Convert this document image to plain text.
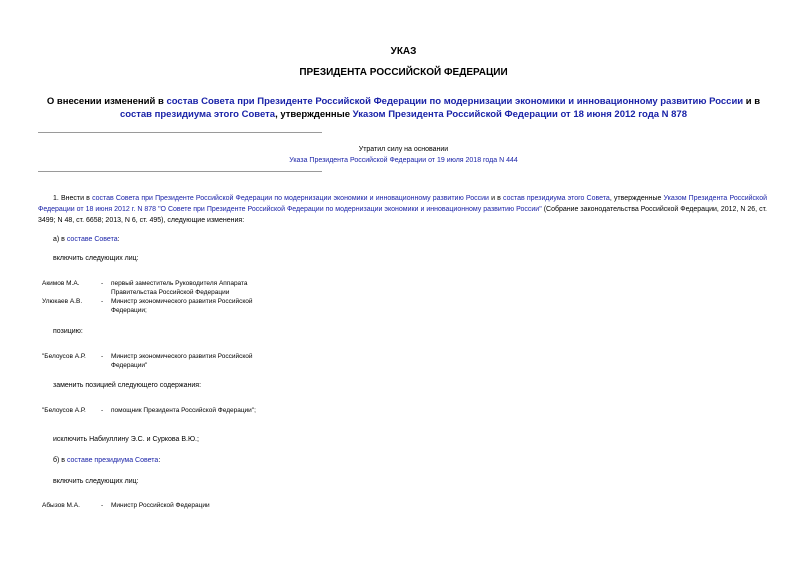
УКАЗ
ПРЕЗИДЕНТА РОССИЙСКОЙ ФЕДЕРАЦИИ
О внесении изменений в состав Совета при Президенте Российской Федерации по модернизации экономики и инновационному развитию России и в состав президиума этого Совета, утвержденные Указом Президента Российской Федерации от 18 июня 2012 года N 878
Утратил силу на основании
Указа Президента Российской Федерации от 19 июля 2018 года N 444
1. Внести в состав Совета при Президенте Российской Федерации по модернизации экономики и инновационному развитию России и в состав президиума этого Совета, утвержденные Указом Президента Российской Федерации от 18 июня 2012 г. N 878 "О Совете при Президенте Российской Федерации по модернизации экономики и инновационному развитию России" (Собрание законодательства Российской Федерации, 2012, N 26, ст. 3499; N 48, ст. 6658; 2013, N 6, ст. 495), следующие изменения:
а) в составе Совета:
включить следующих лиц:
Акимов М.А.	- первый заместитель Руководителя Аппарата Правительстаа Российской Федерации
Улюкаев А.В.	- Министр экономического развития Российской Федерации;
позицию:
"Белоусов А.Р. - Министр экономического развития Российской Федерации"
заменить позицией следующего содержания:
"Белоусов А.Р. - помощник Президента Российской Федерации";
исключить Набиуллину Э.С. и Суркова В.Ю.;
б) в составе президиума Совета:
включить следующих лиц:
Абызов М.А.	- Министр Российской Федерации
